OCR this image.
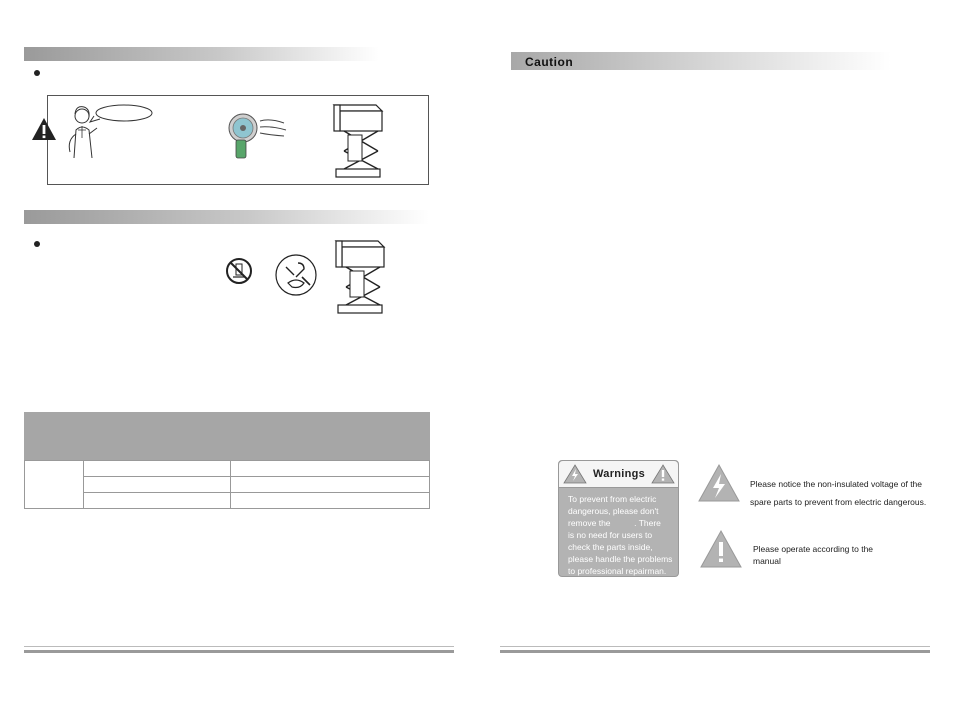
Caution
Warnings
To prevent from electric
dangerous, please don't
remove the          . There
is no need for users to
check the parts inside,
please handle the problems
to professional repairman.
Please notice the non-insulated voltage of the
spare parts to prevent from electric dangerous.
Please operate according to the
manual
